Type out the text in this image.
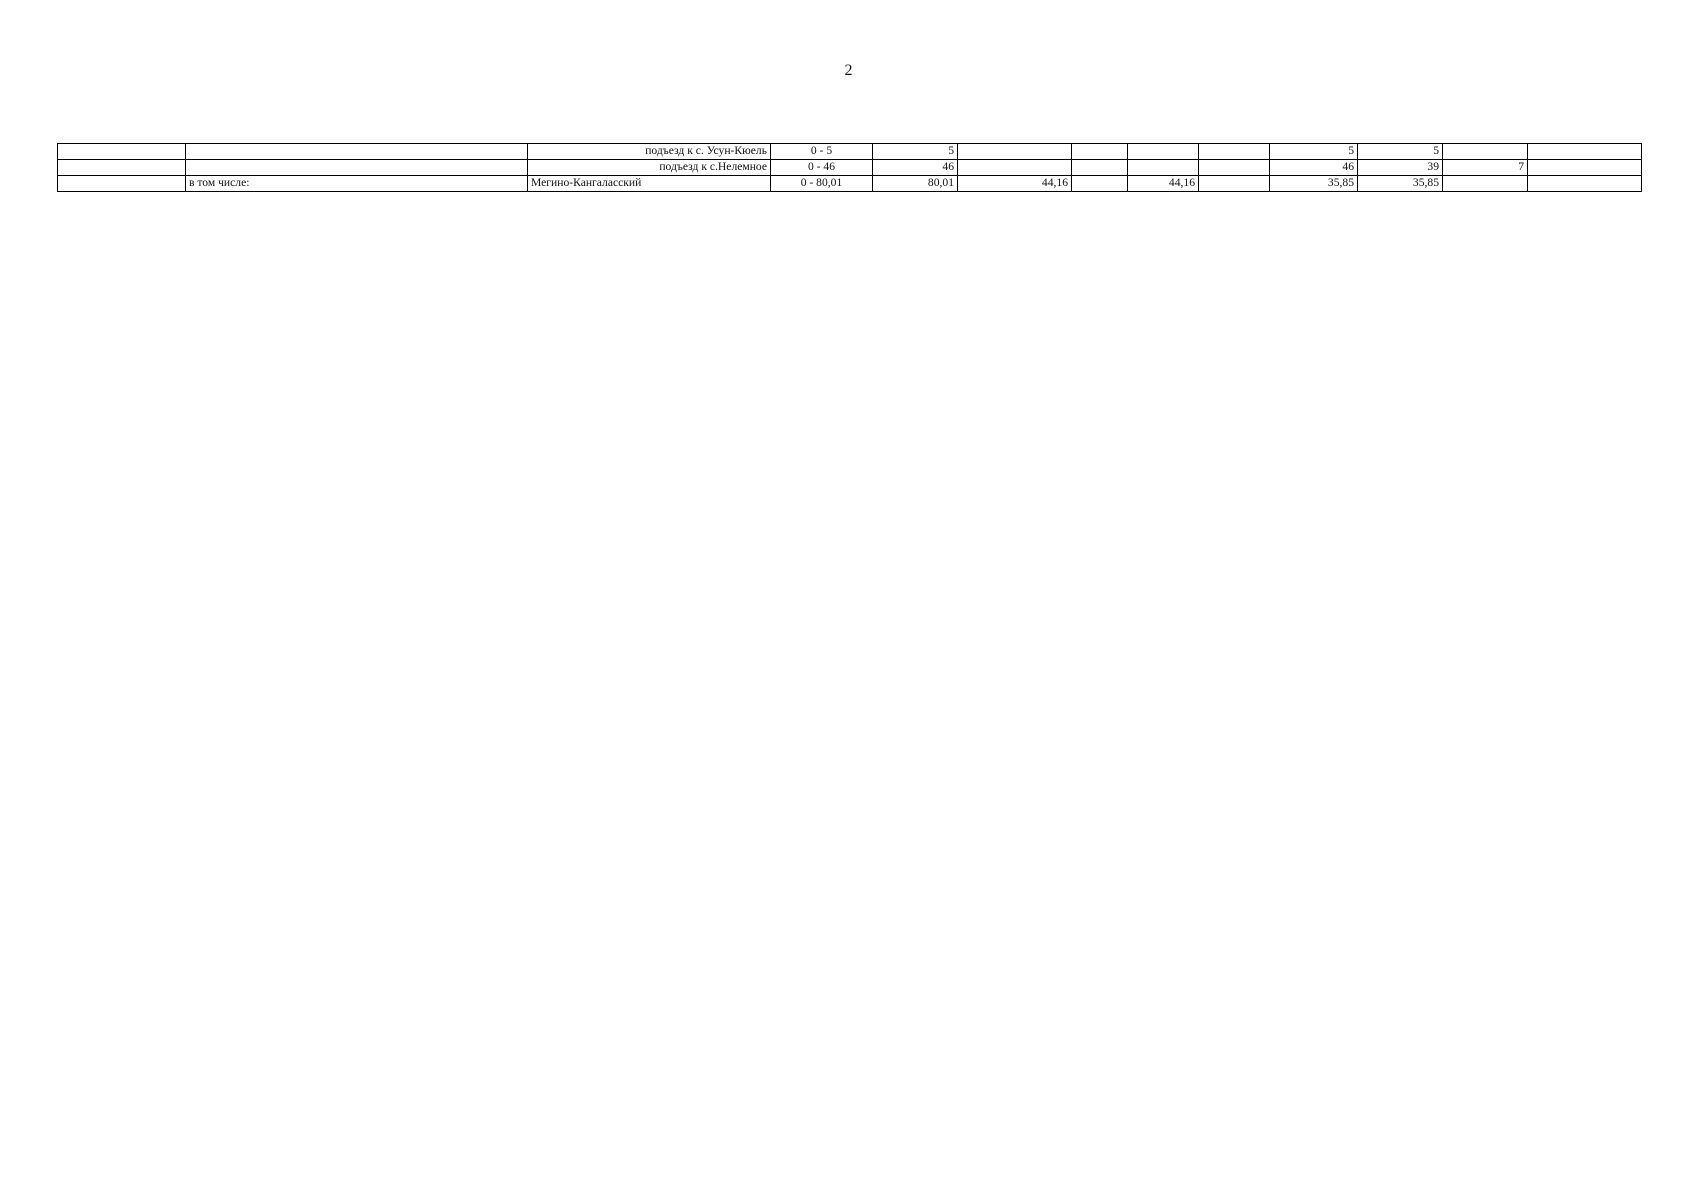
2
		подъезд к с. Усун-Кюель	0 - 5	5					5	5		
		подъезд к с.Нелемное	0 - 46	46					46	39	7	
	в том числе:	Мегино-Кангаласский	0 - 80,01	80,01	44,16		44,16		35,85	35,85		
